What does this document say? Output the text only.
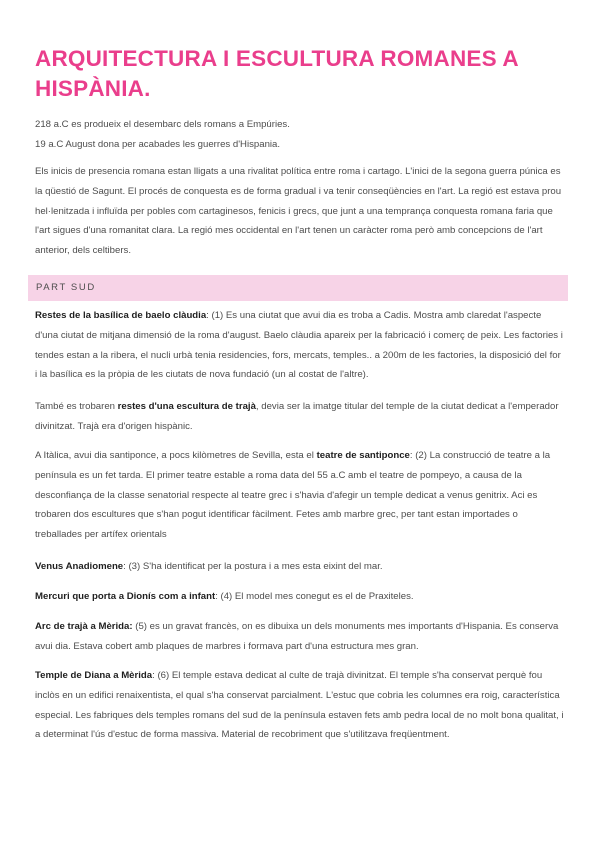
ARQUITECTURA I ESCULTURA ROMANES A HISPÀNIA.

218 a.C es produeix el desembarc dels romans a Empúries.

19 a.C August dona per acabades les guerres d'Hispania.

Els inicis de presencia romana estan lligats a una rivalitat política entre roma i cartago. L'inici de la segona guerra púnica es la qüestió de Sagunt. El procés de conquesta es de forma gradual i va tenir conseqüències en l'art. La regió est estava prou hel·lenitzada i influïda per pobles com cartaginesos, fenicis i grecs, que junt a una temprança conquesta romana faria que l'art sigues d'una romanitat clara. La regió mes occidental en l'art tenen un caràcter roma però amb concepcions de l'art anterior, dels celtibers.

PART SUD

Restes de la basílica de baelo clàudia: (1) Es una ciutat que avui dia es troba a Cadis. Mostra amb claredat l'aspecte d'una ciutat de mitjana dimensió de la roma d'august. Baelo clàudia apareix per la fabricació i comerç de peix. Les factories i tendes estan a la ribera, el nucli urbà tenia residencies, fors, mercats, temples.. a 200m de les factories, la disposició del for i la basílica es la pròpia de les ciutats de nova fundació (un al costat de l'altre).

També es trobaren restes d'una escultura de trajà, devia ser la imatge titular del temple de la ciutat dedicat a l'emperador divinitzat. Trajà era d'origen hispànic.

A Itàlica, avui dia santiponce, a pocs kilòmetres de Sevilla, esta el teatre de santiponce: (2) La construcció de teatre a la península es un fet tarda. El primer teatre estable a roma data del 55 a.C amb el teatre de pompeyo, a causa de la desconfiança de la classe senatorial respecte al teatre grec i s'havia d'afegir un temple dedicat a venus genitrix. Aci es trobaren dos escultures que s'han pogut identificar fàcilment. Fetes amb marbre grec, per tant estan importades o treballades per artífex orientals

Venus Anadiomene: (3) S'ha identificat per la postura i a mes esta eixint del mar.

Mercuri que porta a Dionís com a infant: (4) El model mes conegut es el de Praxiteles.

Arc de trajà a Mèrida: (5) es un gravat francès, on es dibuixa un dels monuments mes importants d'Hispania. Es conserva avui dia. Estava cobert amb plaques de marbres i formava part d'una estructura mes gran.

Temple de Diana a Mèrida: (6) El temple estava dedicat al culte de trajà divinitzat. El temple s'ha conservat perquè fou inclòs en un edifici renaixentista, el qual s'ha conservat parcialment. L'estuc que cobria les columnes era roig, característica especial. Les fabriques dels temples romans del sud de la península estaven fets amb pedra local de no molt bona qualitat, i a determinat l'ús d'estuc de forma massiva. Material de recobriment que s'utilitzava freqüentment.
